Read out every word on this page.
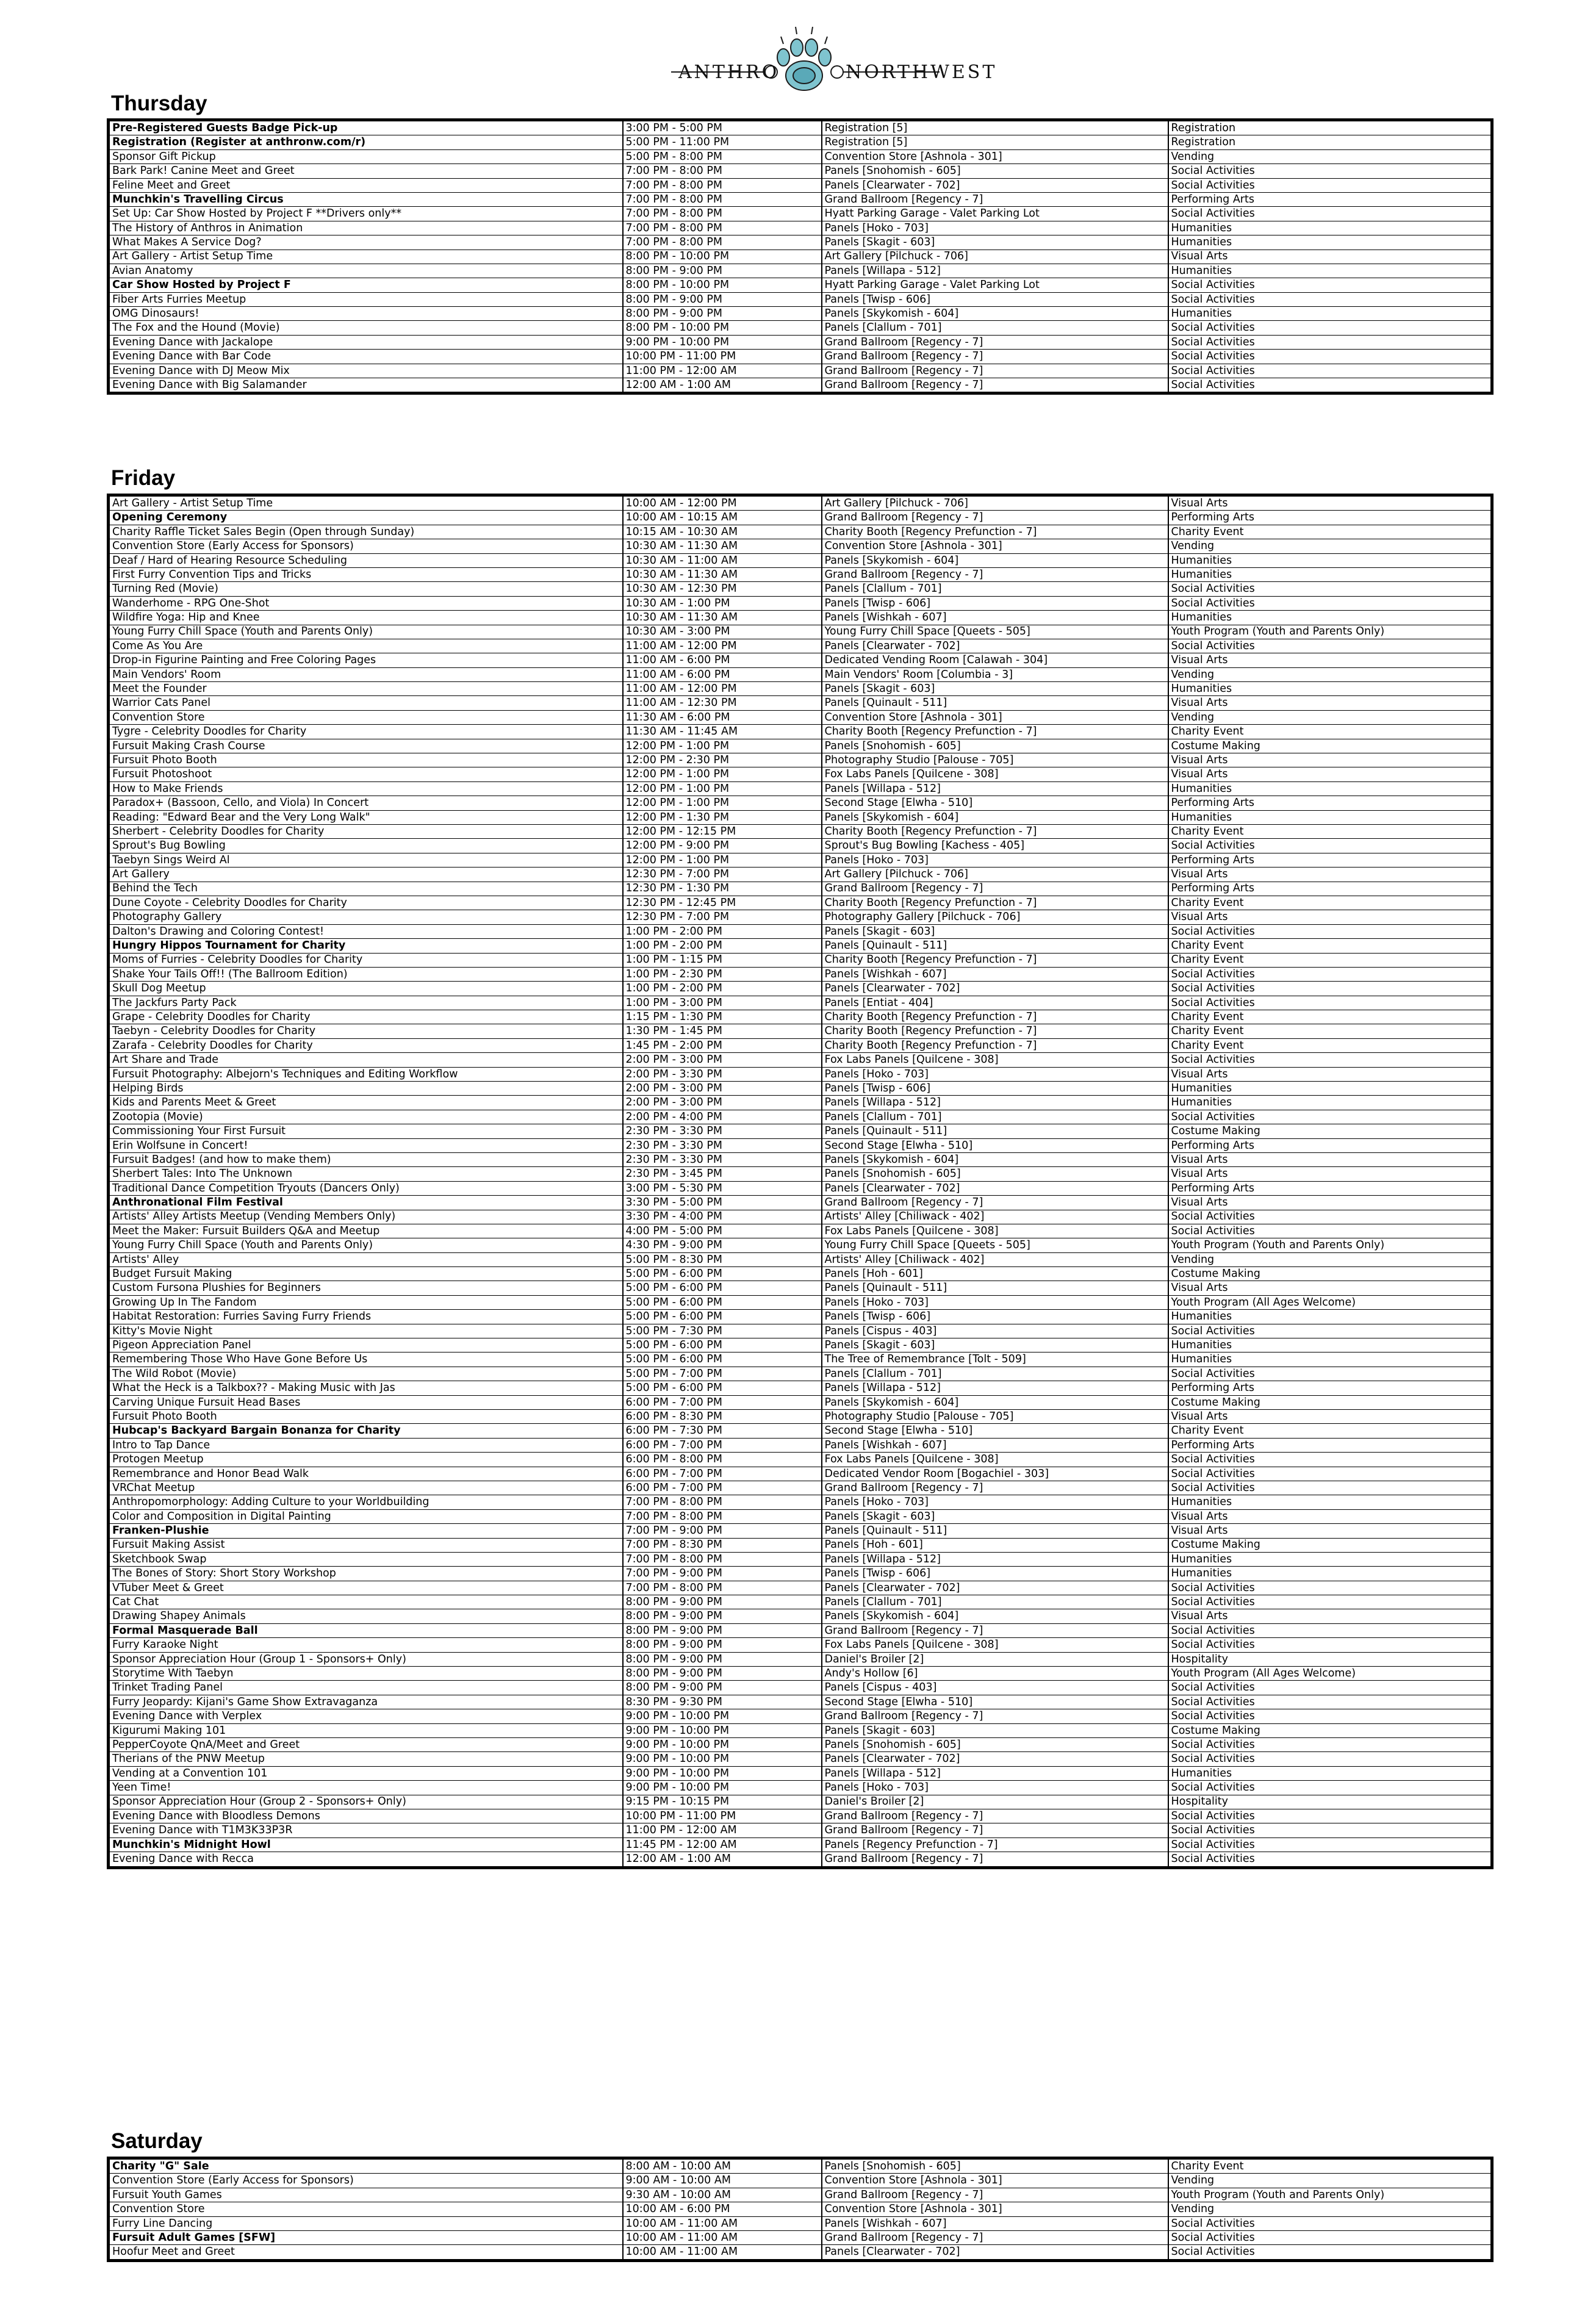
ANTHRO	NORTHWEST
Thursday
Pre-Registered Guests Badge Pick-up	3:00 PM - 5:00 PM	Registration [5]	Registration
Registration (Register at anthronw.com/r)	5:00 PM - 11:00 PM	Registration [5]	Registration
Sponsor Gift Pickup	5:00 PM - 8:00 PM	Convention Store [Ashnola - 301]	Vending
Bark Park! Canine Meet and Greet	7:00 PM - 8:00 PM	Panels [Snohomish - 605]	Social Activities
Feline Meet and Greet	7:00 PM - 8:00 PM	Panels [Clearwater - 702]	Social Activities
Munchkin's Travelling Circus	7:00 PM - 8:00 PM	Grand Ballroom [Regency - 7]	Performing Arts
Set Up: Car Show Hosted by Project F **Drivers only**	7:00 PM - 8:00 PM	Hyatt Parking Garage - Valet Parking Lot	Social Activities
The History of Anthros in Animation	7:00 PM - 8:00 PM	Panels [Hoko - 703]	Humanities
What Makes A Service Dog?	7:00 PM - 8:00 PM	Panels [Skagit - 603]	Humanities
Art Gallery - Artist Setup Time	8:00 PM - 10:00 PM	Art Gallery [Pilchuck - 706]	Visual Arts
Avian Anatomy	8:00 PM - 9:00 PM	Panels [Willapa - 512]	Humanities
Car Show Hosted by Project F	8:00 PM - 10:00 PM	Hyatt Parking Garage - Valet Parking Lot	Social Activities
Fiber Arts Furries Meetup	8:00 PM - 9:00 PM	Panels [Twisp - 606]	Social Activities
OMG Dinosaurs!	8:00 PM - 9:00 PM	Panels [Skykomish - 604]	Humanities
The Fox and the Hound (Movie)	8:00 PM - 10:00 PM	Panels [Clallum - 701]	Social Activities
Evening Dance with Jackalope	9:00 PM - 10:00 PM	Grand Ballroom [Regency - 7]	Social Activities
Evening Dance with Bar Code	10:00 PM - 11:00 PM	Grand Ballroom [Regency - 7]	Social Activities
Evening Dance with DJ Meow Mix	11:00 PM - 12:00 AM	Grand Ballroom [Regency - 7]	Social Activities
Evening Dance with Big Salamander	12:00 AM - 1:00 AM	Grand Ballroom [Regency - 7]	Social Activities
Friday
Art Gallery - Artist Setup Time	10:00 AM - 12:00 PM	Art Gallery [Pilchuck - 706]	Visual Arts
Opening Ceremony	10:00 AM - 10:15 AM	Grand Ballroom [Regency - 7]	Performing Arts
Charity Raffle Ticket Sales Begin (Open through Sunday)	10:15 AM - 10:30 AM	Charity Booth [Regency Prefunction - 7]	Charity Event
Convention Store (Early Access for Sponsors)	10:30 AM - 11:30 AM	Convention Store [Ashnola - 301]	Vending
Deaf / Hard of Hearing Resource Scheduling	10:30 AM - 11:00 AM	Panels [Skykomish - 604]	Humanities
First Furry Convention Tips and Tricks	10:30 AM - 11:30 AM	Grand Ballroom [Regency - 7]	Humanities
Turning Red (Movie)	10:30 AM - 12:30 PM	Panels [Clallum - 701]	Social Activities
Wanderhome - RPG One-Shot	10:30 AM - 1:00 PM	Panels [Twisp - 606]	Social Activities
Wildfire Yoga: Hip and Knee	10:30 AM - 11:30 AM	Panels [Wishkah - 607]	Humanities
Young Furry Chill Space (Youth and Parents Only)	10:30 AM - 3:00 PM	Young Furry Chill Space [Queets - 505]	Youth Program (Youth and Parents Only)
Come As You Are	11:00 AM - 12:00 PM	Panels [Clearwater - 702]	Social Activities
Drop-in Figurine Painting and Free Coloring Pages	11:00 AM - 6:00 PM	Dedicated Vending Room [Calawah - 304]	Visual Arts
Main Vendors' Room	11:00 AM - 6:00 PM	Main Vendors' Room [Columbia - 3]	Vending
Meet the Founder	11:00 AM - 12:00 PM	Panels [Skagit - 603]	Humanities
Warrior Cats Panel	11:00 AM - 12:30 PM	Panels [Quinault - 511]	Visual Arts
Convention Store	11:30 AM - 6:00 PM	Convention Store [Ashnola - 301]	Vending
Tygre - Celebrity Doodles for Charity	11:30 AM - 11:45 AM	Charity Booth [Regency Prefunction - 7]	Charity Event
Fursuit Making Crash Course	12:00 PM - 1:00 PM	Panels [Snohomish - 605]	Costume Making
Fursuit Photo Booth	12:00 PM - 2:30 PM	Photography Studio [Palouse - 705]	Visual Arts
Fursuit Photoshoot	12:00 PM - 1:00 PM	Fox Labs Panels [Quilcene - 308]	Visual Arts
How to Make Friends	12:00 PM - 1:00 PM	Panels [Willapa - 512]	Humanities
Paradox+ (Bassoon, Cello, and Viola) In Concert	12:00 PM - 1:00 PM	Second Stage [Elwha - 510]	Performing Arts
Reading: "Edward Bear and the Very Long Walk"	12:00 PM - 1:30 PM	Panels [Skykomish - 604]	Humanities
Sherbert - Celebrity Doodles for Charity	12:00 PM - 12:15 PM	Charity Booth [Regency Prefunction - 7]	Charity Event
Sprout's Bug Bowling	12:00 PM - 9:00 PM	Sprout's Bug Bowling [Kachess - 405]	Social Activities
Taebyn Sings Weird Al	12:00 PM - 1:00 PM	Panels [Hoko - 703]	Performing Arts
Art Gallery	12:30 PM - 7:00 PM	Art Gallery [Pilchuck - 706]	Visual Arts
Behind the Tech	12:30 PM - 1:30 PM	Grand Ballroom [Regency - 7]	Performing Arts
Dune Coyote - Celebrity Doodles for Charity	12:30 PM - 12:45 PM	Charity Booth [Regency Prefunction - 7]	Charity Event
Photography Gallery	12:30 PM - 7:00 PM	Photography Gallery [Pilchuck - 706]	Visual Arts
Dalton's Drawing and Coloring Contest!	1:00 PM - 2:00 PM	Panels [Skagit - 603]	Social Activities
Hungry Hippos Tournament for Charity	1:00 PM - 2:00 PM	Panels [Quinault - 511]	Charity Event
Moms of Furries - Celebrity Doodles for Charity	1:00 PM - 1:15 PM	Charity Booth [Regency Prefunction - 7]	Charity Event
Shake Your Tails Off!! (The Ballroom Edition)	1:00 PM - 2:30 PM	Panels [Wishkah - 607]	Social Activities
Skull Dog Meetup	1:00 PM - 2:00 PM	Panels [Clearwater - 702]	Social Activities
The Jackfurs Party Pack	1:00 PM - 3:00 PM	Panels [Entiat - 404]	Social Activities
Grape - Celebrity Doodles for Charity	1:15 PM - 1:30 PM	Charity Booth [Regency Prefunction - 7]	Charity Event
Taebyn - Celebrity Doodles for Charity	1:30 PM - 1:45 PM	Charity Booth [Regency Prefunction - 7]	Charity Event
Zarafa - Celebrity Doodles for Charity	1:45 PM - 2:00 PM	Charity Booth [Regency Prefunction - 7]	Charity Event
Art Share and Trade	2:00 PM - 3:00 PM	Fox Labs Panels [Quilcene - 308]	Social Activities
Fursuit Photography: Albejorn's Techniques and Editing Workflow	2:00 PM - 3:30 PM	Panels [Hoko - 703]	Visual Arts
Helping Birds	2:00 PM - 3:00 PM	Panels [Twisp - 606]	Humanities
Kids and Parents Meet & Greet	2:00 PM - 3:00 PM	Panels [Willapa - 512]	Humanities
Zootopia (Movie)	2:00 PM - 4:00 PM	Panels [Clallum - 701]	Social Activities
Commissioning Your First Fursuit	2:30 PM - 3:30 PM	Panels [Quinault - 511]	Costume Making
Erin Wolfsune in Concert!	2:30 PM - 3:30 PM	Second Stage [Elwha - 510]	Performing Arts
Fursuit Badges! (and how to make them)	2:30 PM - 3:30 PM	Panels [Skykomish - 604]	Visual Arts
Sherbert Tales: Into The Unknown	2:30 PM - 3:45 PM	Panels [Snohomish - 605]	Visual Arts
Traditional Dance Competition Tryouts (Dancers Only)	3:00 PM - 5:30 PM	Panels [Clearwater - 702]	Performing Arts
Anthronational Film Festival	3:30 PM - 5:00 PM	Grand Ballroom [Regency - 7]	Visual Arts
Artists' Alley Artists Meetup (Vending Members Only)	3:30 PM - 4:00 PM	Artists' Alley [Chiliwack - 402]	Social Activities
Meet the Maker: Fursuit Builders Q&A and Meetup	4:00 PM - 5:00 PM	Fox Labs Panels [Quilcene - 308]	Social Activities
Young Furry Chill Space (Youth and Parents Only)	4:30 PM - 9:00 PM	Young Furry Chill Space [Queets - 505]	Youth Program (Youth and Parents Only)
Artists' Alley	5:00 PM - 8:30 PM	Artists' Alley [Chiliwack - 402]	Vending
Budget Fursuit Making	5:00 PM - 6:00 PM	Panels [Hoh - 601]	Costume Making
Custom Fursona Plushies for Beginners	5:00 PM - 6:00 PM	Panels [Quinault - 511]	Visual Arts
Growing Up In The Fandom	5:00 PM - 6:00 PM	Panels [Hoko - 703]	Youth Program (All Ages Welcome)
Habitat Restoration: Furries Saving Furry Friends	5:00 PM - 6:00 PM	Panels [Twisp - 606]	Humanities
Kitty's Movie Night	5:00 PM - 7:30 PM	Panels [Cispus - 403]	Social Activities
Pigeon Appreciation Panel	5:00 PM - 6:00 PM	Panels [Skagit - 603]	Humanities
Remembering Those Who Have Gone Before Us	5:00 PM - 6:00 PM	The Tree of Remembrance [Tolt - 509]	Humanities
The Wild Robot (Movie)	5:00 PM - 7:00 PM	Panels [Clallum - 701]	Social Activities
What the Heck is a Talkbox?? - Making Music with Jas	5:00 PM - 6:00 PM	Panels [Willapa - 512]	Performing Arts
Carving Unique Fursuit Head Bases	6:00 PM - 7:00 PM	Panels [Skykomish - 604]	Costume Making
Fursuit Photo Booth	6:00 PM - 8:30 PM	Photography Studio [Palouse - 705]	Visual Arts
Hubcap's Backyard Bargain Bonanza for Charity	6:00 PM - 7:30 PM	Second Stage [Elwha - 510]	Charity Event
Intro to Tap Dance	6:00 PM - 7:00 PM	Panels [Wishkah - 607]	Performing Arts
Protogen Meetup	6:00 PM - 8:00 PM	Fox Labs Panels [Quilcene - 308]	Social Activities
Remembrance and Honor Bead Walk	6:00 PM - 7:00 PM	Dedicated Vendor Room [Bogachiel - 303]	Social Activities
VRChat Meetup	6:00 PM - 7:00 PM	Grand Ballroom [Regency - 7]	Social Activities
Anthropomorphology: Adding Culture to your Worldbuilding	7:00 PM - 8:00 PM	Panels [Hoko - 703]	Humanities
Color and Composition in Digital Painting	7:00 PM - 8:00 PM	Panels [Skagit - 603]	Visual Arts
Franken-Plushie	7:00 PM - 9:00 PM	Panels [Quinault - 511]	Visual Arts
Fursuit Making Assist	7:00 PM - 8:30 PM	Panels [Hoh - 601]	Costume Making
Sketchbook Swap	7:00 PM - 8:00 PM	Panels [Willapa - 512]	Humanities
The Bones of Story: Short Story Workshop	7:00 PM - 9:00 PM	Panels [Twisp - 606]	Humanities
VTuber Meet & Greet	7:00 PM - 8:00 PM	Panels [Clearwater - 702]	Social Activities
Cat Chat	8:00 PM - 9:00 PM	Panels [Clallum - 701]	Social Activities
Drawing Shapey Animals	8:00 PM - 9:00 PM	Panels [Skykomish - 604]	Visual Arts
Formal Masquerade Ball	8:00 PM - 9:00 PM	Grand Ballroom [Regency - 7]	Social Activities
Furry Karaoke Night	8:00 PM - 9:00 PM	Fox Labs Panels [Quilcene - 308]	Social Activities
Sponsor Appreciation Hour (Group 1 - Sponsors+ Only)	8:00 PM - 9:00 PM	Daniel's Broiler [2]	Hospitality
Storytime With Taebyn	8:00 PM - 9:00 PM	Andy's Hollow [6]	Youth Program (All Ages Welcome)
Trinket Trading Panel	8:00 PM - 9:00 PM	Panels [Cispus - 403]	Social Activities
Furry Jeopardy: Kijani's Game Show Extravaganza	8:30 PM - 9:30 PM	Second Stage [Elwha - 510]	Social Activities
Evening Dance with Verplex	9:00 PM - 10:00 PM	Grand Ballroom [Regency - 7]	Social Activities
Kigurumi Making 101	9:00 PM - 10:00 PM	Panels [Skagit - 603]	Costume Making
PepperCoyote QnA/Meet and Greet	9:00 PM - 10:00 PM	Panels [Snohomish - 605]	Social Activities
Therians of the PNW Meetup	9:00 PM - 10:00 PM	Panels [Clearwater - 702]	Social Activities
Vending at a Convention 101	9:00 PM - 10:00 PM	Panels [Willapa - 512]	Humanities
Yeen Time!	9:00 PM - 10:00 PM	Panels [Hoko - 703]	Social Activities
Sponsor Appreciation Hour (Group 2 - Sponsors+ Only)	9:15 PM - 10:15 PM	Daniel's Broiler [2]	Hospitality
Evening Dance with Bloodless Demons	10:00 PM - 11:00 PM	Grand Ballroom [Regency - 7]	Social Activities
Evening Dance with T1M3K33P3R	11:00 PM - 12:00 AM	Grand Ballroom [Regency - 7]	Social Activities
Munchkin's Midnight Howl	11:45 PM - 12:00 AM	Panels [Regency Prefunction - 7]	Social Activities
Evening Dance with Recca	12:00 AM - 1:00 AM	Grand Ballroom [Regency - 7]	Social Activities
Saturday
Charity "G" Sale	8:00 AM - 10:00 AM	Panels [Snohomish - 605]	Charity Event
Convention Store (Early Access for Sponsors)	9:00 AM - 10:00 AM	Convention Store [Ashnola - 301]	Vending
Fursuit Youth Games	9:30 AM - 10:00 AM	Grand Ballroom [Regency - 7]	Youth Program (Youth and Parents Only)
Convention Store	10:00 AM - 6:00 PM	Convention Store [Ashnola - 301]	Vending
Furry Line Dancing	10:00 AM - 11:00 AM	Panels [Wishkah - 607]	Social Activities
Fursuit Adult Games [SFW]	10:00 AM - 11:00 AM	Grand Ballroom [Regency - 7]	Social Activities
Hoofur Meet and Greet	10:00 AM - 11:00 AM	Panels [Clearwater - 702]	Social Activities
